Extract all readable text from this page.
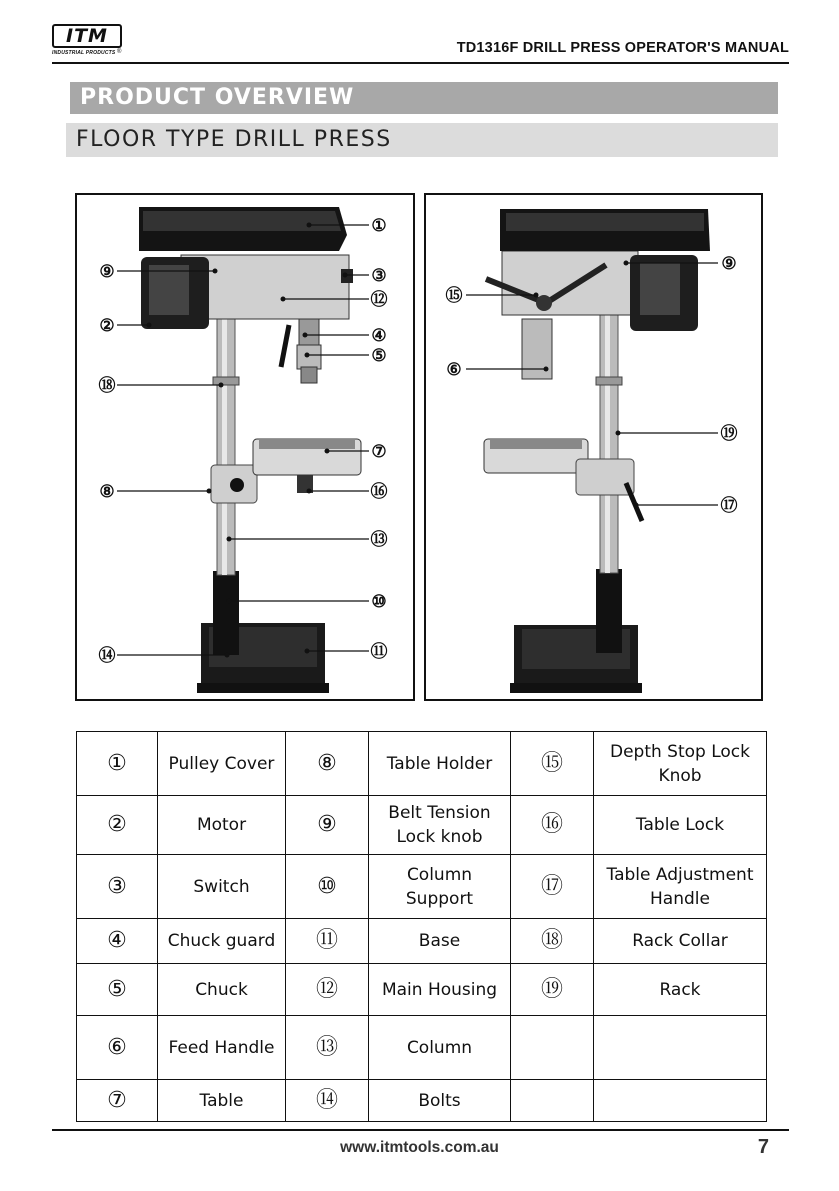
ITM
INDUSTRIAL PRODUCTS ®	TD1316F DRILL PRESS OPERATOR'S MANUAL
PRODUCT OVERVIEW
FLOOR TYPE DRILL PRESS
①
⑨	③
⑫
②
④
⑤
⑱
⑦
⑧	⑯
⑬
⑩
⑭	⑪
⑨
⑮
⑥
⑲
⑰
①	Pulley Cover	⑧	Table Holder	⑮	Depth Stop Lock Knob
②	Motor	⑨	Belt Tension Lock knob	⑯	Table Lock
③	Switch	⑩	Column Support	⑰	Table Adjustment Handle
④	Chuck guard	⑪	Base	⑱	Rack Collar
⑤	Chuck	⑫	Main Housing	⑲	Rack
⑥	Feed Handle	⑬	Column		
⑦	Table	⑭	Bolts		
www.itmtools.com.au	7
